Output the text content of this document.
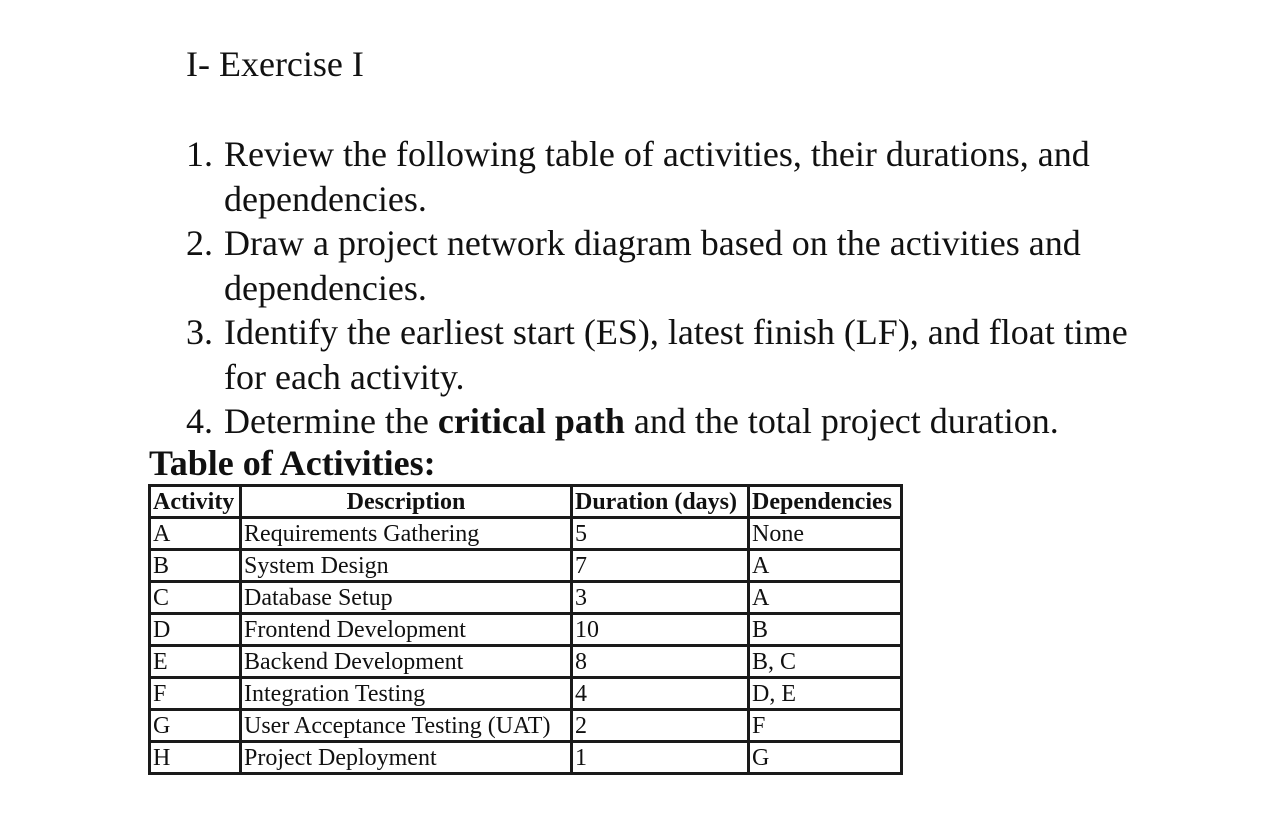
I- Exercise I
1. Review the following table of activities, their durations, and dependencies.
2. Draw a project network diagram based on the activities and dependencies.
3. Identify the earliest start (ES), latest finish (LF), and float time for each activity.
4. Determine the critical path and the total project duration.
Table of Activities:
Activity	Description	Duration (days)	Dependencies
A	Requirements Gathering	5	None
B	System Design	7	A
C	Database Setup	3	A
D	Frontend Development	10	B
E	Backend Development	8	B, C
F	Integration Testing	4	D, E
G	User Acceptance Testing (UAT)	2	F
H	Project Deployment	1	G
